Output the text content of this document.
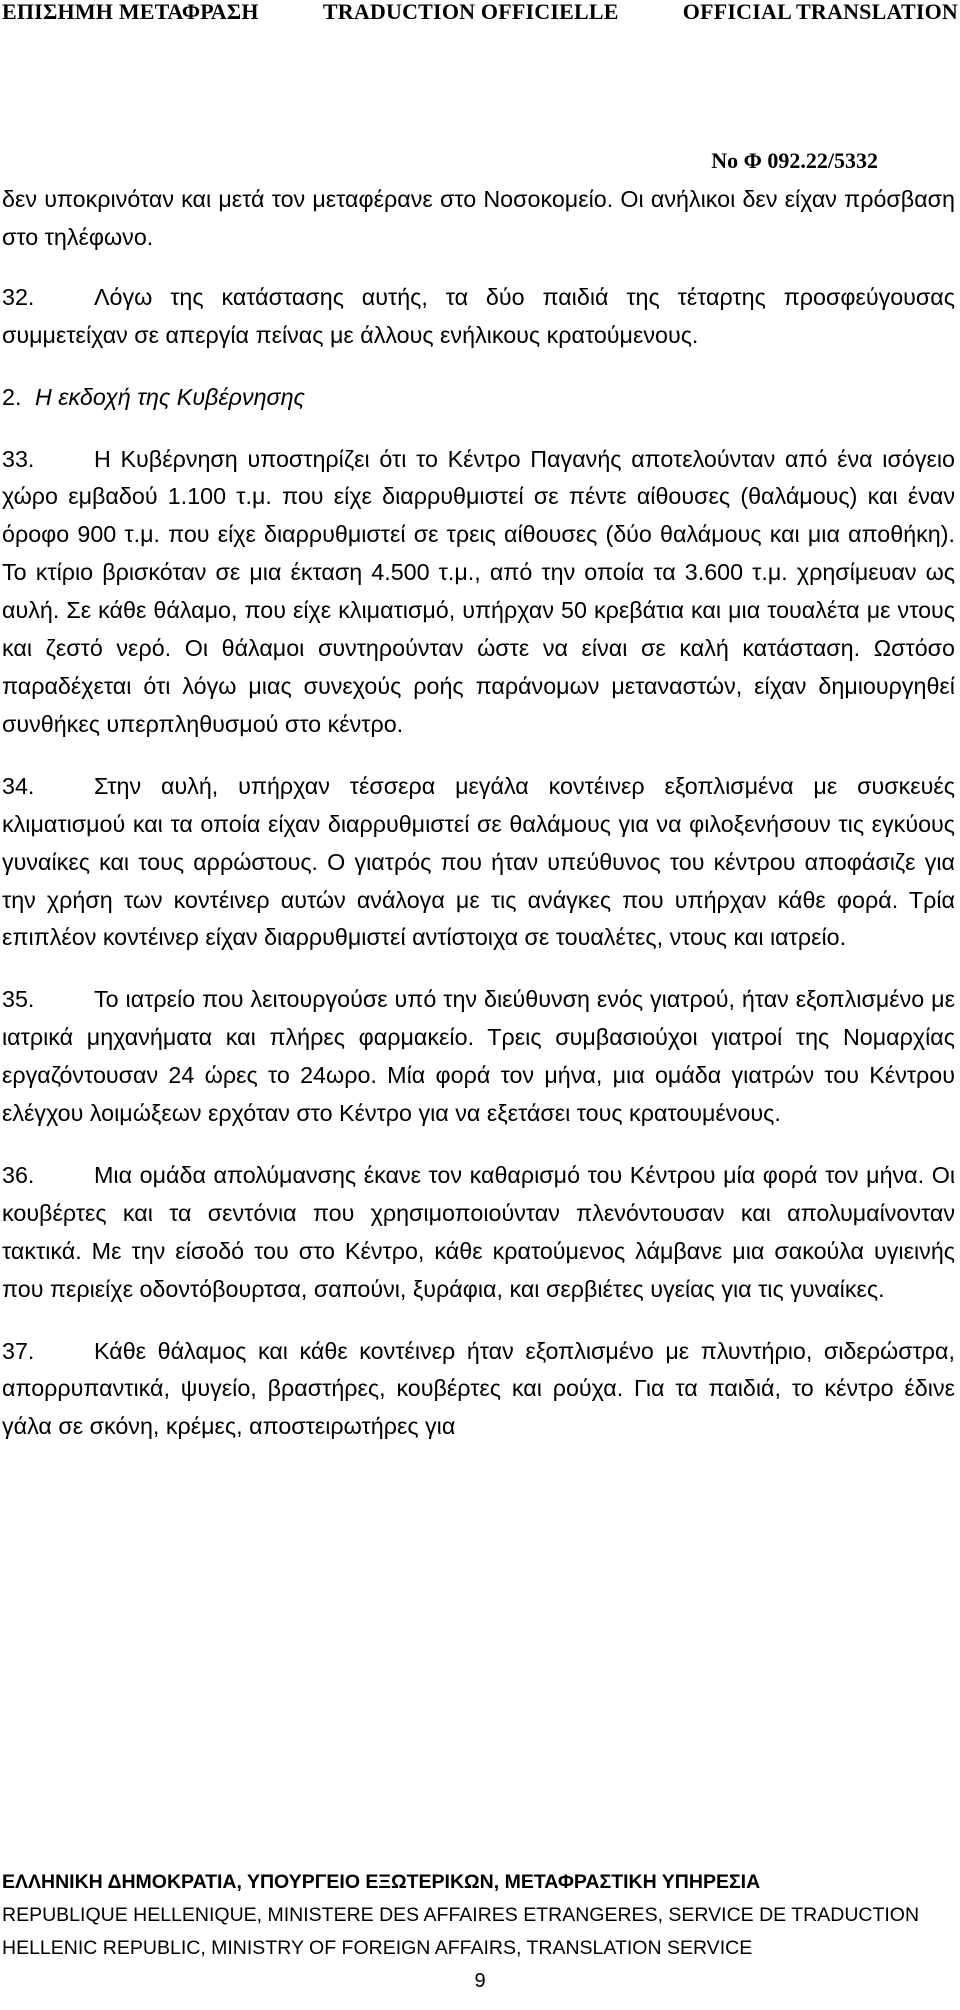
ΕΠΙΣΗΜΗ ΜΕΤΑΦΡΑΣΗ	TRADUCTION OFFICIELLE	OFFICIAL TRANSLATION
No Φ 092.22/5332

δεν υποκρινόταν και μετά τον μεταφέρανε στο Νοσοκομείο. Οι ανήλικοι δεν είχαν πρόσβαση στο τηλέφωνο.

32.	Λόγω της κατάστασης αυτής, τα δύο παιδιά της τέταρτης προσφεύγουσας συμμετείχαν σε απεργία πείνας με άλλους ενήλικους κρατούμενους.

2. Η εκδοχή της Κυβέρνησης

33.	Η Κυβέρνηση υποστηρίζει ότι το Κέντρο Παγανής αποτελούνταν από ένα ισόγειο χώρο εμβαδού 1.100 τ.μ. που είχε διαρρυθμιστεί σε πέντε αίθουσες (θαλάμους) και έναν όροφο 900 τ.μ. που είχε διαρρυθμιστεί σε τρεις αίθουσες (δύο θαλάμους και μια αποθήκη). Το κτίριο βρισκόταν σε μια έκταση 4.500 τ.μ., από την οποία τα 3.600 τ.μ. χρησίμευαν ως αυλή. Σε κάθε θάλαμο, που είχε κλιματισμό, υπήρχαν 50 κρεβάτια και μια τουαλέτα με ντους και ζεστό νερό. Οι θάλαμοι συντηρούνταν ώστε να είναι σε καλή κατάσταση. Ωστόσο παραδέχεται ότι λόγω μιας συνεχούς ροής παράνομων μεταναστών, είχαν δημιουργηθεί συνθήκες υπερπληθυσμού στο κέντρο.

34.	Στην αυλή, υπήρχαν τέσσερα μεγάλα κοντέινερ εξοπλισμένα με συσκευές κλιματισμού και τα οποία είχαν διαρρυθμιστεί σε θαλάμους για να φιλοξενήσουν τις εγκύους γυναίκες και τους αρρώστους. Ο γιατρός που ήταν υπεύθυνος του κέντρου αποφάσιζε για την χρήση των κοντέινερ αυτών ανάλογα με τις ανάγκες που υπήρχαν κάθε φορά. Τρία επιπλέον κοντέινερ είχαν διαρρυθμιστεί αντίστοιχα σε τουαλέτες, ντους και ιατρείο.

35.	Το ιατρείο που λειτουργούσε υπό την διεύθυνση ενός γιατρού, ήταν εξοπλισμένο με ιατρικά μηχανήματα και πλήρες φαρμακείο. Τρεις συμβασιούχοι γιατροί της Νομαρχίας εργαζόντουσαν 24 ώρες το 24ωρο. Μία φορά τον μήνα, μια ομάδα γιατρών του Κέντρου ελέγχου λοιμώξεων ερχόταν στο Κέντρο για να εξετάσει τους κρατουμένους.

36.	Μια ομάδα απολύμανσης έκανε τον καθαρισμό του Κέντρου μία φορά τον μήνα. Οι κουβέρτες και τα σεντόνια που χρησιμοποιούνταν πλενόντουσαν και απολυμαίνονταν τακτικά. Με την είσοδό του στο Κέντρο, κάθε κρατούμενος λάμβανε μια σακούλα υγιεινής που περιείχε οδοντόβουρτσα, σαπούνι, ξυράφια, και σερβιέτες υγείας για τις γυναίκες.

37.	Κάθε θάλαμος και κάθε κοντέινερ ήταν εξοπλισμένο με πλυντήριο, σιδερώστρα, απορρυπαντικά, ψυγείο, βραστήρες, κουβέρτες και ρούχα. Για τα παιδιά, το κέντρο έδινε γάλα σε σκόνη, κρέμες, αποστειρωτήρες για

ΕΛΛΗΝΙΚΗ ΔΗΜΟΚΡΑΤΙΑ, ΥΠΟΥΡΓΕΙΟ ΕΞΩΤΕΡΙΚΩΝ, ΜΕΤΑΦΡΑΣΤΙΚΗ ΥΠΗΡΕΣΙΑ
REPUBLIQUE HELLENIQUE, MINISTERE DES AFFAIRES ETRANGERES, SERVICE DE TRADUCTION
HELLENIC REPUBLIC, MINISTRY OF FOREIGN AFFAIRS, TRANSLATION SERVICE
9
